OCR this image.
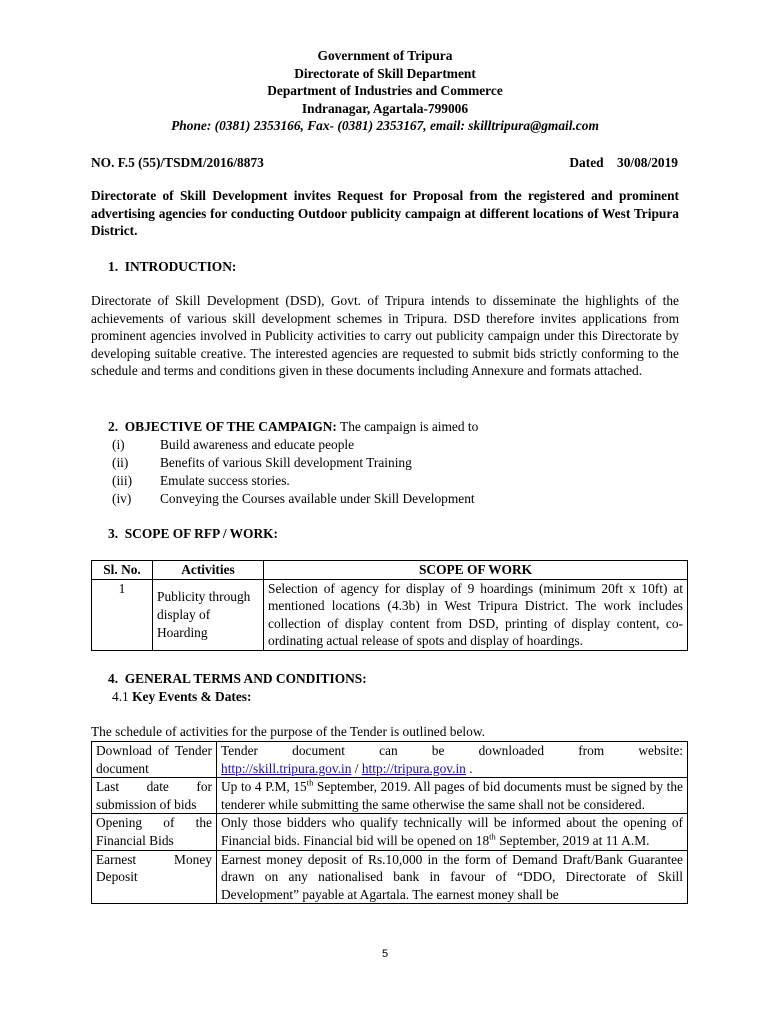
Government of Tripura
Directorate of Skill Department
Department of Industries and Commerce
Indranagar, Agartala-799006
Phone: (0381) 2353166, Fax- (0381) 2353167, email: skilltripura@gmail.com
NO. F.5 (55)/TSDM/2016/8873	Dated    30/08/2019
Directorate of Skill Development invites Request for Proposal from the registered and prominent advertising agencies for conducting Outdoor publicity campaign at different locations of West Tripura District.
1.  INTRODUCTION:
Directorate of Skill Development (DSD), Govt. of Tripura intends to disseminate the highlights of the achievements of various skill development schemes in Tripura. DSD therefore invites applications from prominent agencies involved in Publicity activities to carry out publicity campaign under this Directorate by developing suitable creative. The interested agencies are requested to submit bids strictly conforming to the schedule and terms and conditions given in these documents including Annexure and formats attached.
2.  OBJECTIVE OF THE CAMPAIGN: The campaign is aimed to
(i)	Build awareness and educate people
(ii) Benefits of various Skill development Training
(iii) Emulate success stories.
(iv) Conveying the Courses available under Skill Development
3.  SCOPE OF RFP / WORK:
Sl. No.	Activities	SCOPE OF WORK
1	Publicity through display of Hoarding	Selection of agency for display of 9 hoardings (minimum 20ft x 10ft) at mentioned locations (4.3b) in West Tripura District. The work includes collection of display content from DSD, printing of display content, co-ordinating actual release of spots and display of hoardings.
4.  GENERAL TERMS AND CONDITIONS:
4.1 Key Events & Dates:
The schedule of activities for the purpose of the Tender is outlined below.
Download of Tender document	Tender document can be downloaded from website:
http://skill.tripura.gov.in / http://tripura.gov.in .

Last date for submission of bids	Up to 4 P.M, 15th September, 2019. All pages of bid documents must be signed by the tenderer while submitting the same otherwise the same shall not be considered.
Opening of the Financial Bids	Only those bidders who qualify technically will be informed about the opening of Financial bids. Financial bid will be opened on 18th September, 2019 at 11 A.M.
Earnest Money Deposit	Earnest money deposit of Rs.10,000 in the form of Demand Draft/Bank Guarantee drawn on any nationalised bank in favour of “DDO, Directorate of Skill Development” payable at Agartala. The earnest money shall be
5
